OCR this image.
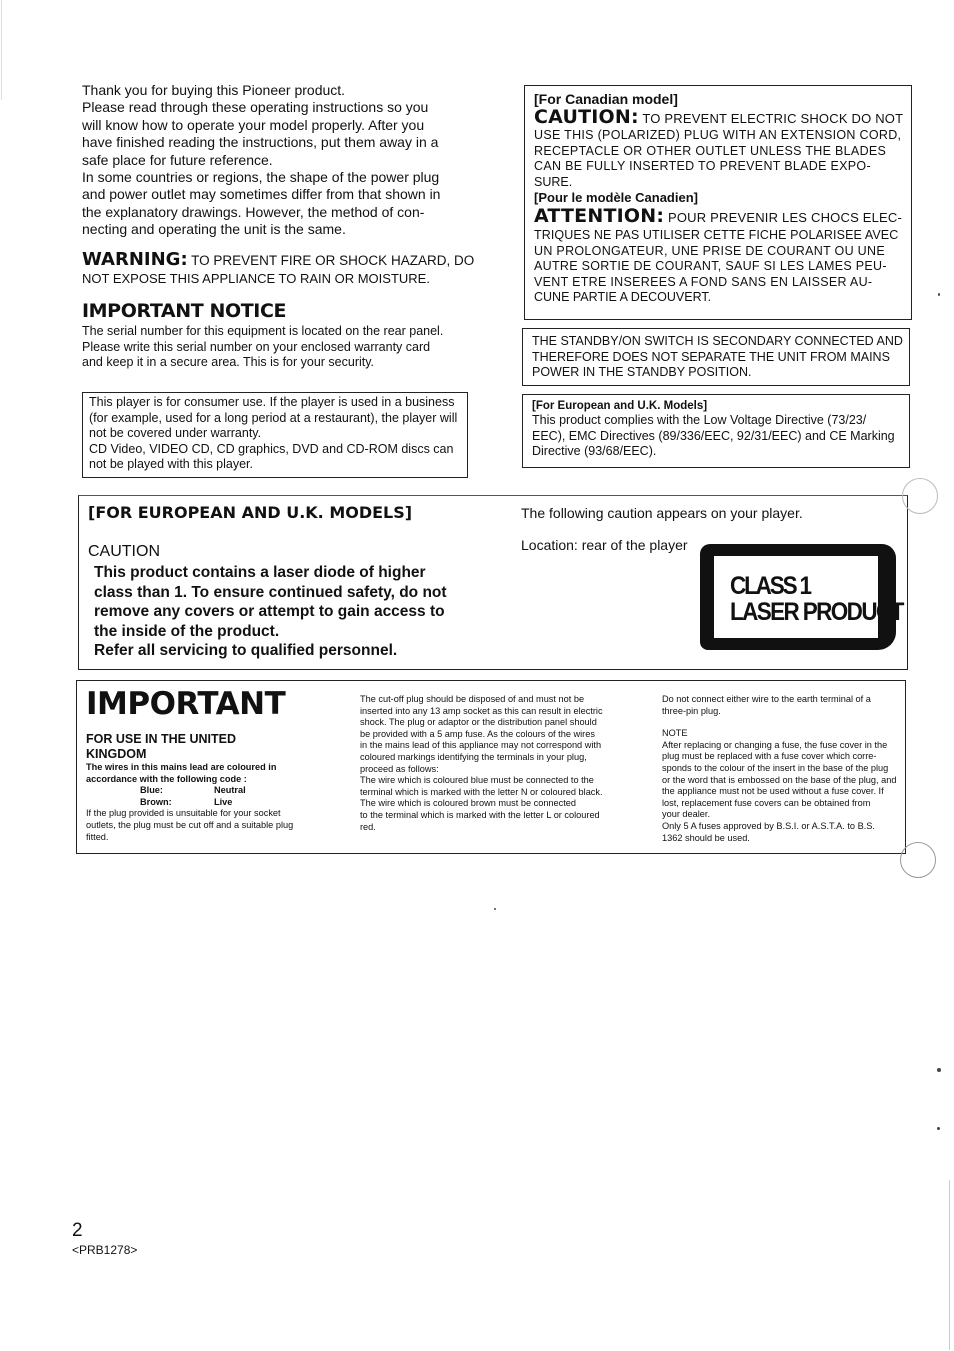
Thank you for buying this Pioneer product.

Please read through these operating instructions so you

will know how to operate your model properly. After you

have finished reading the instructions, put them away in a

safe place for future reference.

In some countries or regions, the shape of the power plug

and power outlet may sometimes differ from that shown in

the explanatory drawings. However, the method of con-

necting and operating the unit is the same.

WARNING: TO PREVENT FIRE OR SHOCK HAZARD, DO

NOT EXPOSE THIS APPLIANCE TO RAIN OR MOISTURE.

IMPORTANT NOTICE

The serial number for this equipment is located on the rear panel.

Please write this serial number on your enclosed warranty card

and keep it in a secure area. This is for your security.

This player is for consumer use. If the player is used in a business

(for example, used for a long period at a restaurant), the player will

not be covered under warranty.

CD Video, VIDEO CD, CD graphics, DVD and CD-ROM discs can

not be played with this player.

[For Canadian model]

CAUTION: TO PREVENT ELECTRIC SHOCK DO NOT

USE THIS (POLARIZED) PLUG WITH AN EXTENSION CORD,

RECEPTACLE OR OTHER OUTLET UNLESS THE BLADES

CAN BE FULLY INSERTED TO PREVENT BLADE EXPO-

SURE.

[Pour le modèle Canadien]

ATTENTION: POUR PREVENIR LES CHOCS ELEC-

TRIQUES NE PAS UTILISER CETTE FICHE POLARISEE AVEC

UN PROLONGATEUR, UNE PRISE DE COURANT OU UNE

AUTRE SORTIE DE COURANT, SAUF SI LES LAMES PEU-

VENT ETRE INSEREES A FOND SANS EN LAISSER AU-

CUNE PARTIE A DECOUVERT.

THE STANDBY/ON SWITCH IS SECONDARY CONNECTED AND

THEREFORE DOES NOT SEPARATE THE UNIT FROM MAINS

POWER IN THE STANDBY POSITION.

[For European and U.K. Models]

This product complies with the Low Voltage Directive (73/23/

EEC), EMC Directives (89/336/EEC, 92/31/EEC) and CE Marking

Directive (93/68/EEC).

[FOR EUROPEAN AND U.K. MODELS]

CAUTION

This product contains a laser diode of higher

class than 1. To ensure continued safety, do not

remove any covers or attempt to gain access to

the inside of the product.

Refer all servicing to qualified personnel.

The following caution appears on your player.

Location: rear of the player

CLASS 1

LASER PRODUCT

IMPORTANT

FOR USE IN THE UNITED

KINGDOM

The wires in this mains lead are coloured in

accordance with the following code :

Blue:	Neutral
Brown:	Live

If the plug provided is unsuitable for your socket

outlets, the plug must be cut off and a suitable plug

fitted.

The cut-off plug should be disposed of and must not be

inserted into any 13 amp socket as this can result in electric

shock. The plug or adaptor or the distribution panel should

be provided with a 5 amp fuse. As the colours of the wires

in the mains lead of this appliance may not correspond with

coloured markings identifying the terminals in your plug,

proceed as follows:

The wire which is coloured blue must be connected to the

terminal which is marked with the letter N or coloured black.

The wire which is coloured brown must be connected

to the terminal which is marked with the letter L or coloured

red.

Do not connect either wire to the earth terminal of a

three-pin plug.

NOTE

After replacing or changing a fuse, the fuse cover in the

plug must be replaced with a fuse cover which corre-

sponds to the colour of the insert in the base of the plug

or the word that is embossed on the base of the plug, and

the appliance must not be used without a fuse cover. If

lost, replacement fuse covers can be obtained from

your dealer.

Only 5 A fuses approved by B.S.I. or A.S.T.A. to B.S.

1362 should be used.

2

<PRB1278>
